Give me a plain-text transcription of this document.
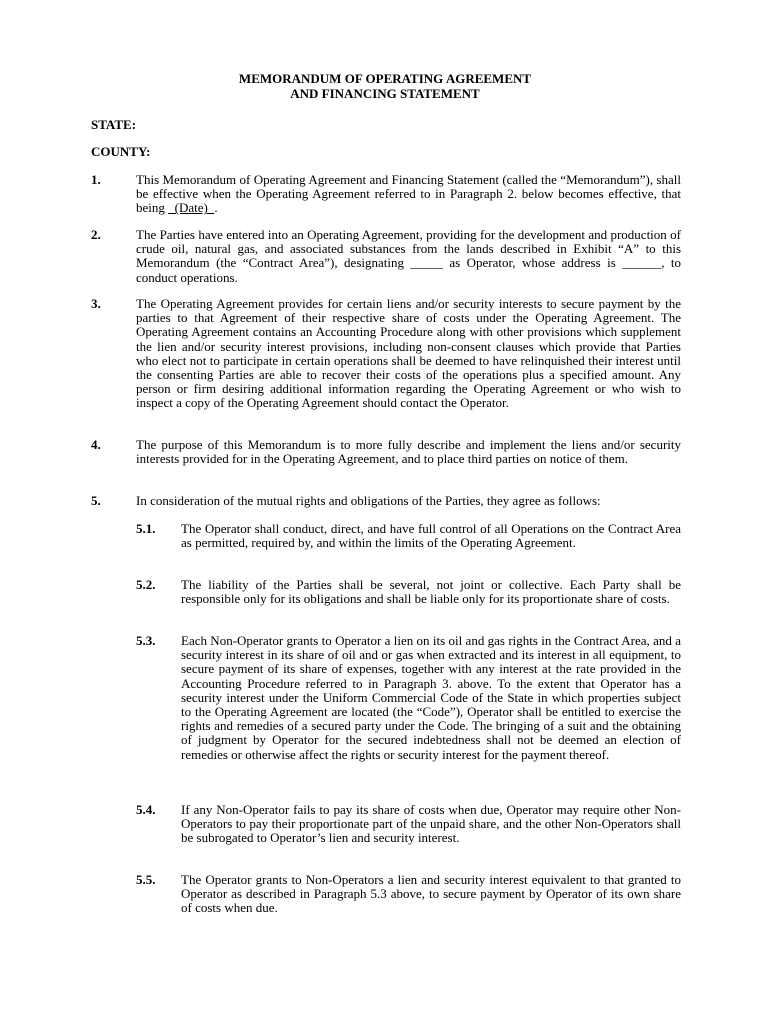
MEMORANDUM OF OPERATING AGREEMENT
AND FINANCING STATEMENT
STATE:
COUNTY:
1.	This Memorandum of Operating Agreement and Financing Statement (called the “Memorandum”), shall be effective when the Operating Agreement referred to in Paragraph 2. below becomes effective, that being   (Date)  .
2.	The Parties have entered into an Operating Agreement, providing for the development and production of crude oil, natural gas, and associated substances from the lands described in Exhibit “A” to this Memorandum (the “Contract Area”), designating _____ as Operator, whose address is ______, to conduct operations.
3.	The Operating Agreement provides for certain liens and/or security interests to secure payment by the parties to that Agreement of their respective share of costs under the Operating Agreement. The Operating Agreement contains an Accounting Procedure along with other provisions which supplement the lien and/or security interest provisions, including non-consent clauses which provide that Parties who elect not to participate in certain operations shall be deemed to have relinquished their interest until the consenting Parties are able to recover their costs of the operations plus a specified amount. Any person or firm desiring additional information regarding the Operating Agreement or who wish to inspect a copy of the Operating Agreement should contact the Operator.
4.	The purpose of this Memorandum is to more fully describe and implement the liens and/or security interests provided for in the Operating Agreement, and to place third parties on notice of them.
5.	In consideration of the mutual rights and obligations of the Parties, they agree as follows:
5.1. The Operator shall conduct, direct, and have full control of all Operations on the Contract Area as permitted, required by, and within the limits of the Operating Agreement.
5.2. The liability of the Parties shall be several, not joint or collective. Each Party shall be responsible only for its obligations and shall be liable only for its proportionate share of costs.
5.3. Each Non-Operator grants to Operator a lien on its oil and gas rights in the Contract Area, and a security interest in its share of oil and or gas when extracted and its interest in all equipment, to secure payment of its share of expenses, together with any interest at the rate provided in the Accounting Procedure referred to in Paragraph 3. above. To the extent that Operator has a security interest under the Uniform Commercial Code of the State in which properties subject to the Operating Agreement are located (the “Code”), Operator shall be entitled to exercise the rights and remedies of a secured party under the Code. The bringing of a suit and the obtaining of judgment by Operator for the secured indebtedness shall not be deemed an election of remedies or otherwise affect the rights or security interest for the payment thereof.
5.4. If any Non-Operator fails to pay its share of costs when due, Operator may require other Non-Operators to pay their proportionate part of the unpaid share, and the other Non-Operators shall be subrogated to Operator’s lien and security interest.
5.5. The Operator grants to Non-Operators a lien and security interest equivalent to that granted to Operator as described in Paragraph 5.3 above, to secure payment by Operator of its own share of costs when due.
